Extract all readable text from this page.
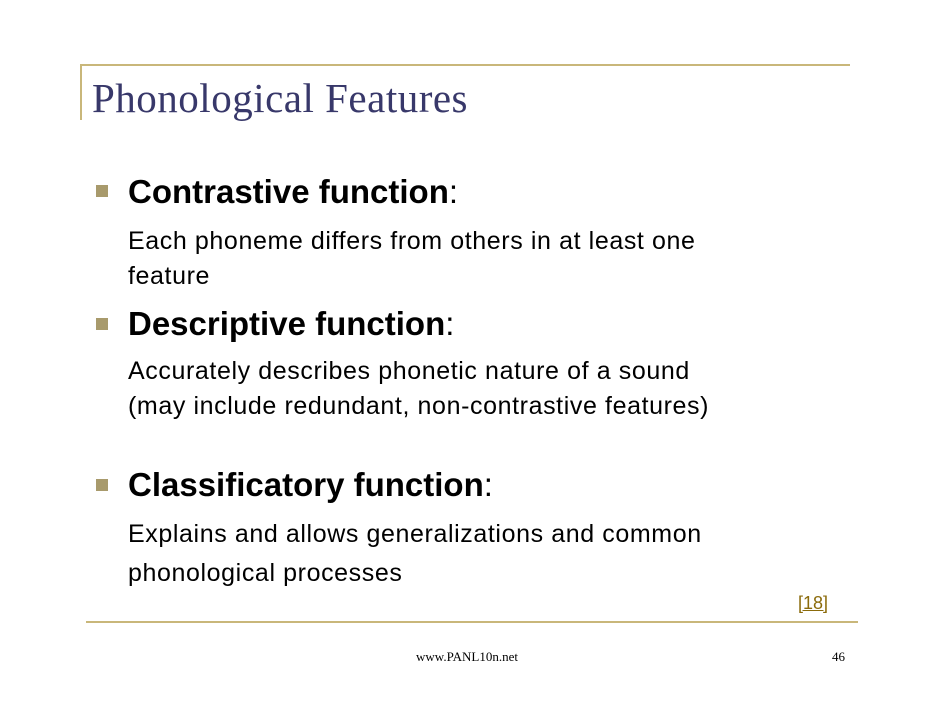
Phonological Features
Contrastive function:
Each phoneme differs from others in at least one
feature
Descriptive function:
Accurately describes phonetic nature of a sound
(may include redundant, non-contrastive features)
Classificatory function:
Explains and allows generalizations and common
phonological processes
[18]
www.PANL10n.net	46
